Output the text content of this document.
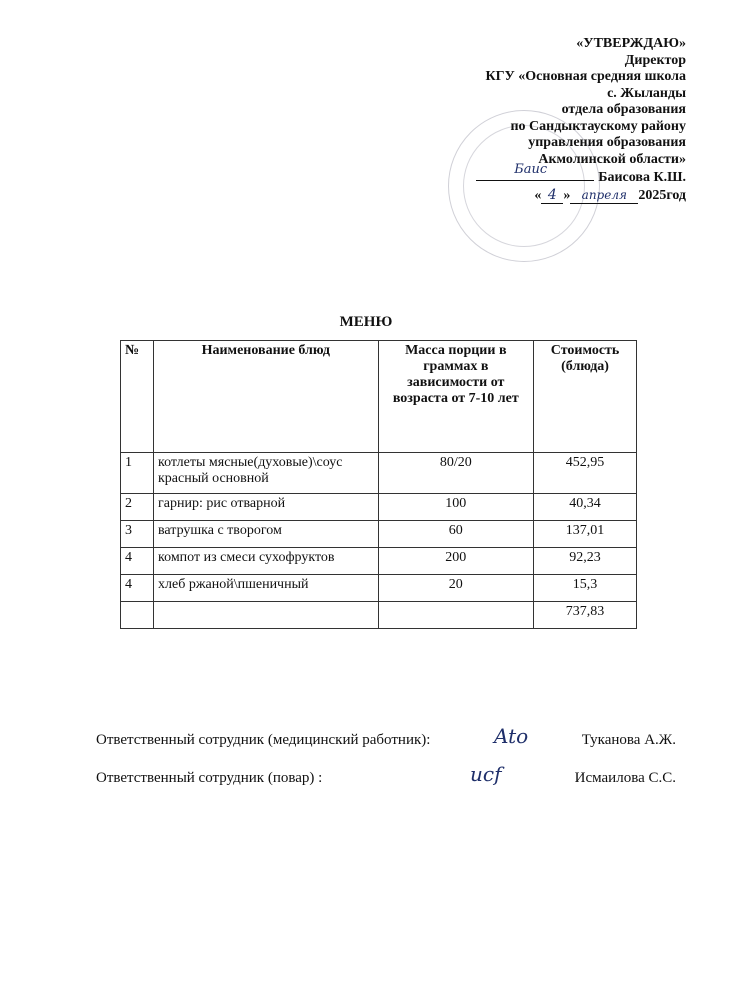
«УТВЕРЖДАЮ»
Директор
КГУ «Основная средняя школа
с. Жыланды
отдела образования
по Сандыктаускому району
управления образования
Акмолинской области»
Баис
Баисова К.Ш.
« 4 » апреля 2025год
МЕНЮ
№	Наименование блюд	Масса порции в граммах в зависимости от возраста от 7-10 лет	Стоимость (блюда)
1	котлеты мясные(духовые)\соус красный основной	80/20	452,95
2	гарнир: рис отварной	100	40,34
3	ватрушка с творогом	60	137,01
4	компот из смеси сухофруктов	200	92,23
4	хлеб ржаной\пшеничный	20	15,3
			737,83
Ответственный сотрудник (медицинский работник):	Ato	Туканова А.Ж.
Ответственный сотрудник (повар) :	ucf	Исмаилова С.С.
